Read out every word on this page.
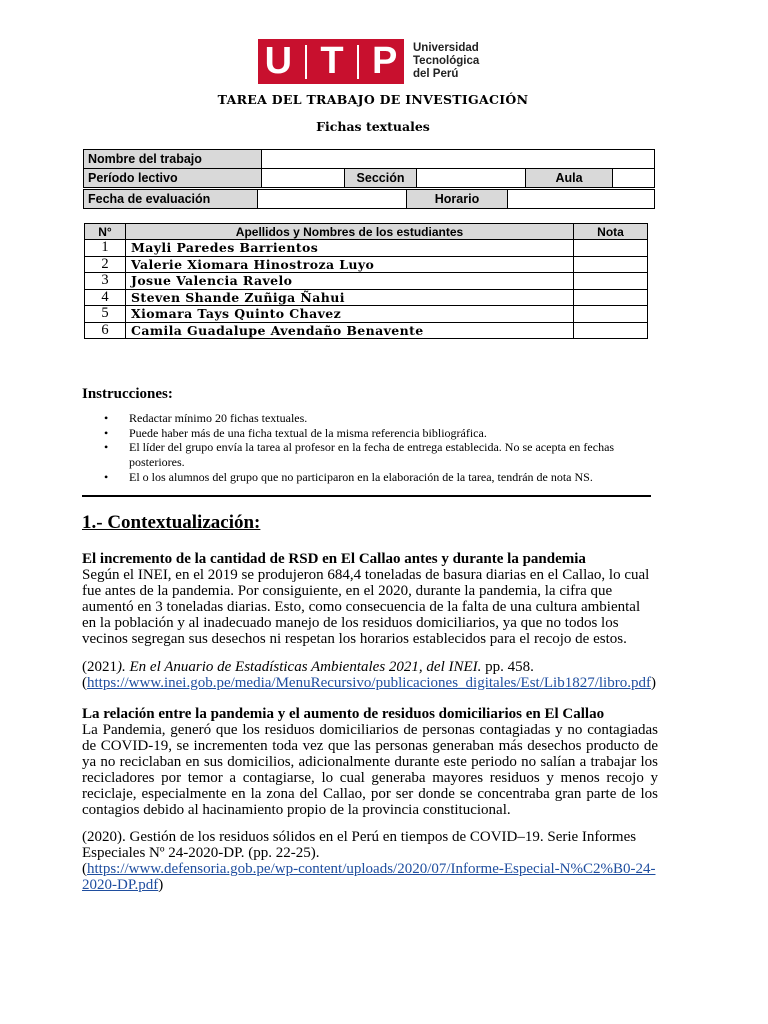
U T P Universidad
Tecnológica
del Perú
TAREA DEL TRABAJO DE INVESTIGACIÓN
Fichas textuales
Nombre del trabajo					
Período lectivo		Sección		Aula	
Fecha de evaluación		Horario	
N°	Apellidos y Nombres de los estudiantes	Nota
1	Mayli Paredes Barrientos	
2	Valerie Xiomara Hinostroza Luyo	
3	Josue Valencia Ravelo	
4	Steven Shande Zuñiga Ñahui	
5	Xiomara Tays Quinto Chavez	
6	Camila Guadalupe Avendaño Benavente	
Instrucciones:
• Redactar mínimo 20 fichas textuales.
• Puede haber más de una ficha textual de la misma referencia bibliográfica.
• El líder del grupo envía la tarea al profesor en la fecha de entrega establecida. No se acepta en fechas posteriores.
• El o los alumnos del grupo que no participaron en la elaboración de la tarea, tendrán de nota NS.
1.- Contextualización:
El incremento de la cantidad de RSD en El Callao antes y durante la pandemia
Según el INEI, en el 2019 se produjeron 684,4 toneladas de basura diarias en el Callao, lo cual fue antes de la pandemia. Por consiguiente, en el 2020, durante la pandemia, la cifra que aumentó en 3 toneladas diarias. Esto, como consecuencia de la falta de una cultura ambiental en la población y al inadecuado manejo de los residuos domiciliarios, ya que no todos los vecinos segregan sus desechos ni respetan los horarios establecidos para el recojo de estos.
(2021). En el Anuario de Estadísticas Ambientales 2021, del INEI. pp. 458.
(https://www.inei.gob.pe/media/MenuRecursivo/publicaciones_digitales/Est/Lib1827/libro.pdf)
La relación entre la pandemia y el aumento de residuos domiciliarios en El Callao
La Pandemia, generó que los residuos domiciliarios de personas contagiadas y no contagiadas de COVID-19, se incrementen toda vez que las personas generaban más desechos producto de ya no reciclaban en sus domicilios, adicionalmente durante este periodo no salían a trabajar los recicladores por temor a contagiarse, lo cual generaba mayores residuos y menos recojo y reciclaje, especialmente en la zona del Callao, por ser donde se concentraba gran parte de los contagios debido al hacinamiento propio de la provincia constitucional.
(2020). Gestión de los residuos sólidos en el Perú en tiempos de COVID–19. Serie Informes Especiales Nº 24-2020-DP. (pp. 22-25).
(https://www.defensoria.gob.pe/wp-content/uploads/2020/07/Informe-Especial-N%C2%B0-24-2020-DP.pdf)
